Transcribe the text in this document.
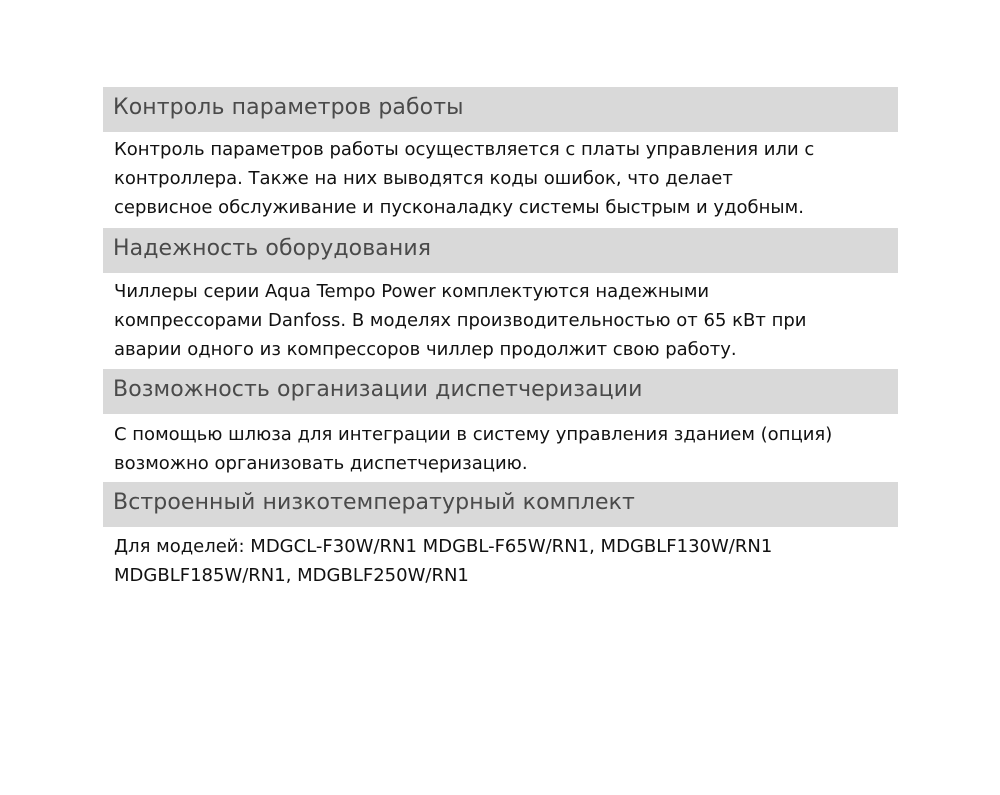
Контроль параметров работы
Контроль параметров работы осуществляется с платы управления или с
контроллера. Также на них выводятся коды ошибок, что делает
сервисное обслуживание и пусконаладку системы быстрым и удобным.
Надежность оборудования
Чиллеры серии Aqua Tempo Power комплектуются надежными
компрессорами Danfoss. В моделях производительностью от 65 кВт при
аварии одного из компрессоров чиллер продолжит свою работу.
Возможность организации диспетчеризации
С помощью шлюза для интеграции в систему управления зданием (опция)
возможно организовать диспетчеризацию.
Встроенный низкотемпературный комплект
Для моделей: MDGCL-F30W/RN1 MDGBL-F65W/RN1, MDGBLF130W/RN1
MDGBLF185W/RN1, MDGBLF250W/RN1
